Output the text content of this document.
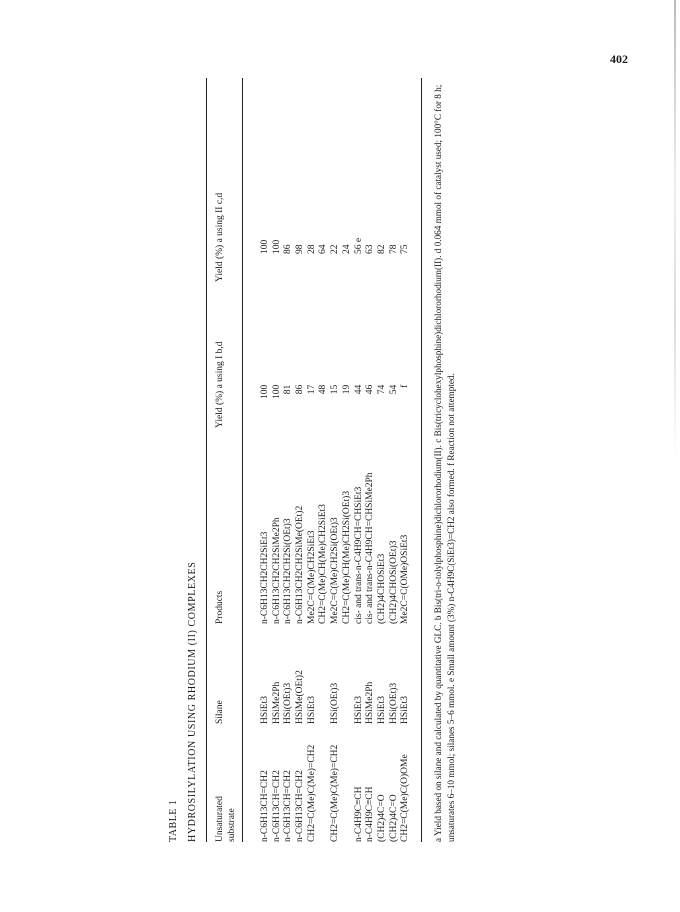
402
TABLE 1 HYDROSILYLATION USING RHODIUM (II) COMPLEXES Unsaturated substrate
Silane
Products
Yield (%) a using I b,d
Yield (%) a using II c,d
n-C6H13CH=CH2 n-C6H13CH=CH2 n-C6H13CH=CH2 n-C6H13CH=CH2 CH2=C(Me)C(Me)=CH2 CH2=C(Me)C(Me)=CH2 n-C4H9C≡CH n-C4H9C≡CH (CH2)4C=O (CH2)4C=O CH2=C(Me)C(O)OMe
HSiEt3 HSiMe2Ph HSi(OEt)3 HSiMe(OEt)2 HSiEt3 HSi(OEt)3 HSiEt3 HSiMe2Ph HSiEt3 HSi(OEt)3 HSiEt3
n-C6H13CH2CH2SiEt3 n-C6H13CH2CH2SiMe2Ph n-C6H13CH2CH2Si(OEt)3 n-C6H13CH2CH2SiMe(OEt)2 Me2C=C(Me)CH2SiEt3 CH2=C(Me)CH(Me)CH2SiEt3 Me2C=C(Me)CH2Si(OEt)3 CH2=C(Me)CH(Me)CH2Si(OEt)3 cis- and trans-n-C4H9CH=CHSiEt3 cis- and trans-n-C4H9CH=CHSiMe2Ph (CH2)4CHOSiEt3 (CH2)4CHOSi(OEt)3 Me2C=C(OMe)OSiEt3
100 100 81 86 17 48 15 19 44 46 74 54 f
100 100 86 98 28 64 22 24 56 e 63 82 78 75 a Yield based on silane and calculated by quantitative GLC. b Bis(tri-o-tolylphosphine)dichlororhodium(II). c Bis(tricyclohexylphosphine)dichlororhodium(II). d 0.064 mmol of catalyst used; 100°C for 8 h; unsaturates 6–10 mmol; silanes 5–6 mmol. e Small amount (3%) n-C4H9C(SiEt3)=CH2 also formed. f Reaction not attempted.
